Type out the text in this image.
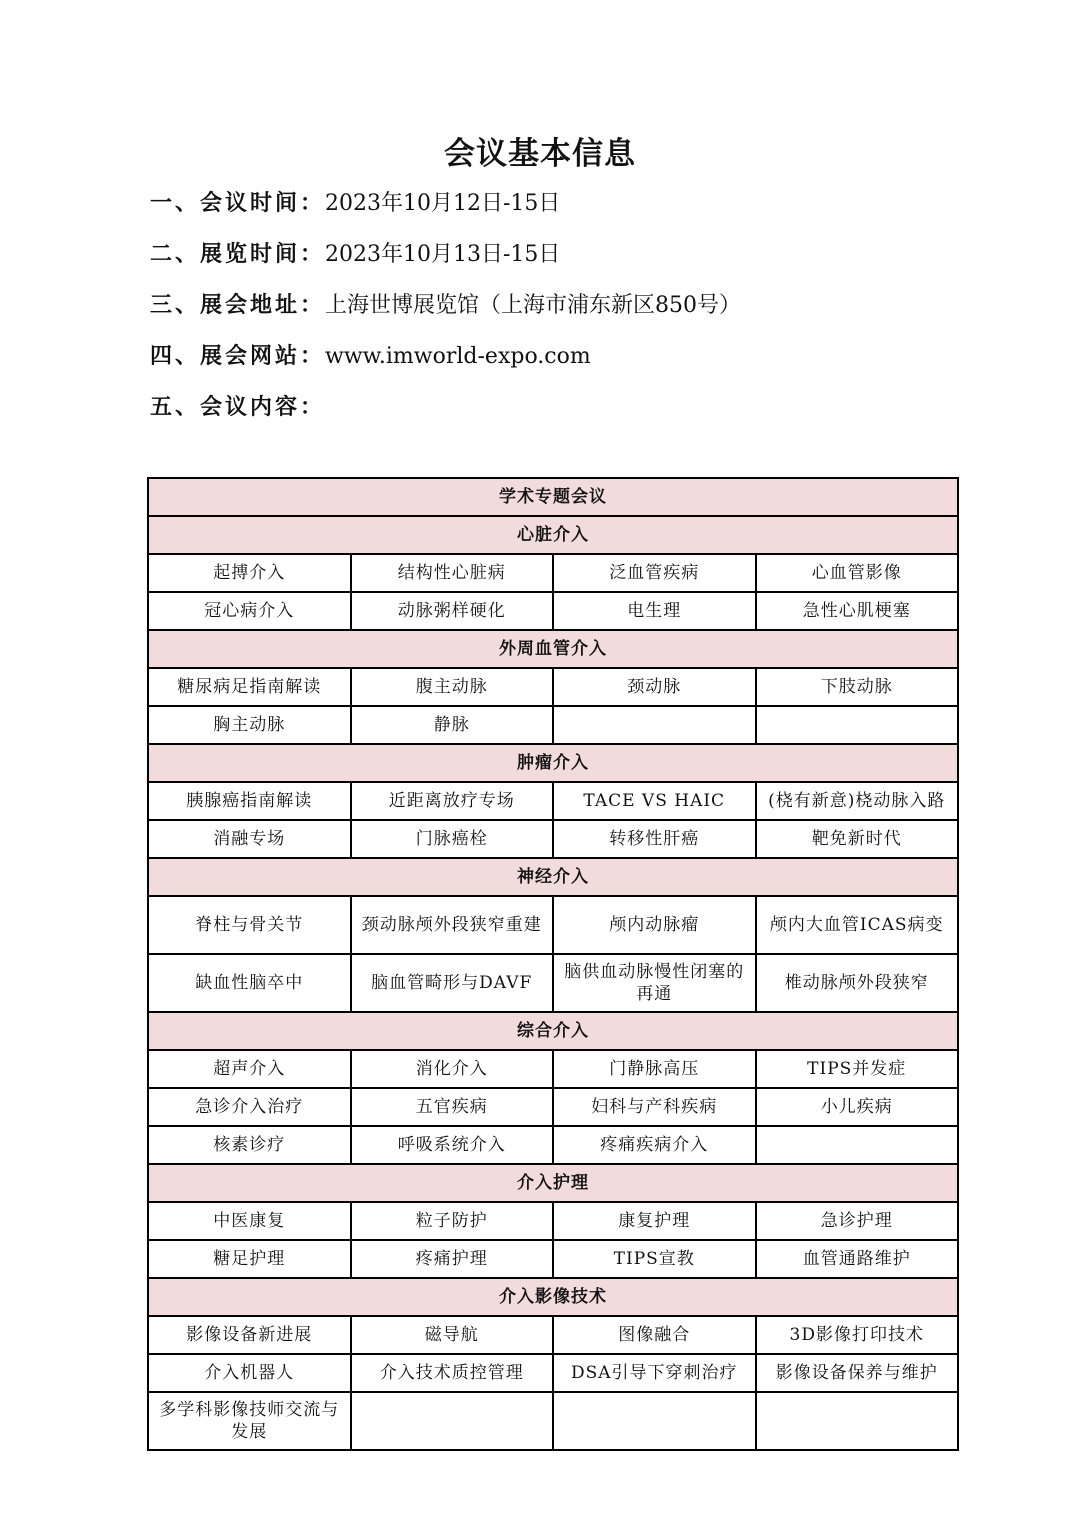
会议基本信息
一、会议时间：2023年10月12日-15日
二、展览时间：2023年10月13日-15日
三、展会地址：上海世博展览馆（上海市浦东新区850号）
四、展会网站：www.imworld-expo.com
五、会议内容：
学术专题会议			
心脏介入			
起搏介入	结构性心脏病	泛血管疾病	心血管影像
冠心病介入	动脉粥样硬化	电生理	急性心肌梗塞
外周血管介入			
糖尿病足指南解读	腹主动脉	颈动脉	下肢动脉
胸主动脉	静脉		
肿瘤介入			
胰腺癌指南解读	近距离放疗专场	TACE VS HAIC	(桡有新意)桡动脉入路
消融专场	门脉癌栓	转移性肝癌	靶免新时代
神经介入			
脊柱与骨关节	颈动脉颅外段狭窄重建	颅内动脉瘤	颅内大血管ICAS病变
缺血性脑卒中	脑血管畸形与DAVF	脑供血动脉慢性闭塞的再通	椎动脉颅外段狭窄
综合介入			
超声介入	消化介入	门静脉高压	TIPS并发症
急诊介入治疗	五官疾病	妇科与产科疾病	小儿疾病
核素诊疗	呼吸系统介入	疼痛疾病介入	
介入护理			
中医康复	粒子防护	康复护理	急诊护理
糖足护理	疼痛护理	TIPS宣教	血管通路维护
介入影像技术			
影像设备新进展	磁导航	图像融合	3D影像打印技术
介入机器人	介入技术质控管理	DSA引导下穿刺治疗	影像设备保养与维护
多学科影像技师交流与发展			
